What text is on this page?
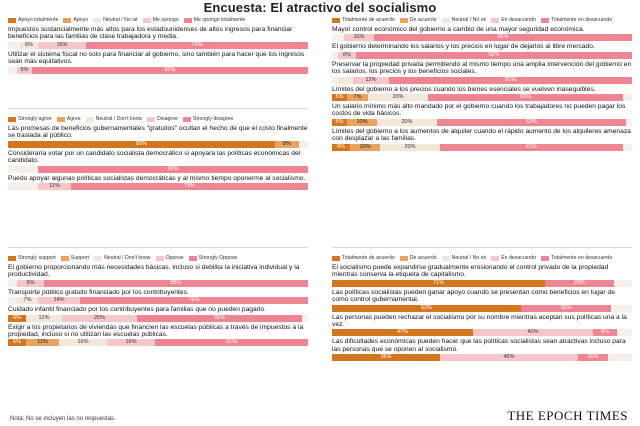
Encuesta: El atractivo del socialismo
Apoyo totalmente	Apoyo	Neutral / No sé	Me opongo	Me opongo totalmente
Impuestos sustancialmente más altos para los estadounidenses de altos ingresos para financiar beneficios para las familias de clase trabajadora y media.
6%	16%	74%
Utilizar el sistema fiscal no solo para financiar al gobierno, sino también para hacer que los ingresos sean más equitativos.
5%	92%
Strongly agree	Agree	Neutral / Don't know	Disagree	Strongly disagree
Las promesas de beneficios gubernamentales "gratuitos" ocultan el hecho de que el costo finalmente se traslada al público.
89%	8%
Consideraría votar por un candidato socialista democrático si apoyara las políticas económicas del candidato.
90%
Puedo apoyar algunas políticas socialistas democráticas y al mismo tiempo oponerme al socialismo.
11%	79%
Strongly support	Support	Neutral / Don't know	Oppose	Strongly Oppose
El gobierno proporcionando más necesidades básicas, incluso si debilita la iniciativa individual y la productividad.
9%	88%
Transporte público gratuito financiado por los contribuyentes.
7%	14%	76%
Cuidado infantil financiado por los contribuyentes para familias que no pueden pagarlo.
6%	12%	25%	55%
Exigir a los propietarios de viviendas que financien las escuelas públicas a través de impuestos a la propiedad, incluso si no utilizan las escuelas públicas.
6%	11%	16%	16%	51%
Totalmente de acuerdo	De acuerdo	Neutral / No sé	En desacuerdo	Totalmente en desacuerdo
Mayor control económico del gobierno a cambio de una mayor seguridad económica.
10%	86%
El gobierno determinando los salarios y los precios en lugar de dejarlos al libre mercado.
6%	92%
Preservar la propiedad privada permitiendo al mismo tiempo una amplia intervención del gobierno en los salarios, los precios y los beneficios sociales.
12%	81%
Límites del gobierno a los precios cuando los bienes esenciales se vuelven inasequibles.
5%	7%	20%	65%
Un salario mínimo más alto mandado por el gobierno cuando los trabajadores no pueden pagar los costos de vida básicos.
5%	10%	20%	63%
Límites del gobierno a los aumentos de alquiler cuando el rápido aumento de los alquileres amenaza con desplazar a las familias.
6%	10%	20%	61%
Totalmente de acuerdo	De acuerdo	Neutral / No sé	En desacuerdo	Totalmente en desacuerdo
El socialismo puede expandirse gradualmente erosionando el control privado de la propiedad mientras conserva la etiqueta de capitalismo.
71%	23%
Las políticas socialistas pueden ganar apoyo cuando se presentan como beneficios en lugar de como control gubernamental.
63%	30%
Las personas pueden rechazar el socialismo por su nombre mientras aceptan sus políticas una a la vez.
47%	40%	8%
Las dificultades económicas pueden hacer que las políticas socialistas sean atractivas incluso para las personas que se oponen al socialismo.
36%	46%	10%
Nota: No se incluyen las no respuestas.	THE EPOCH TIMES
